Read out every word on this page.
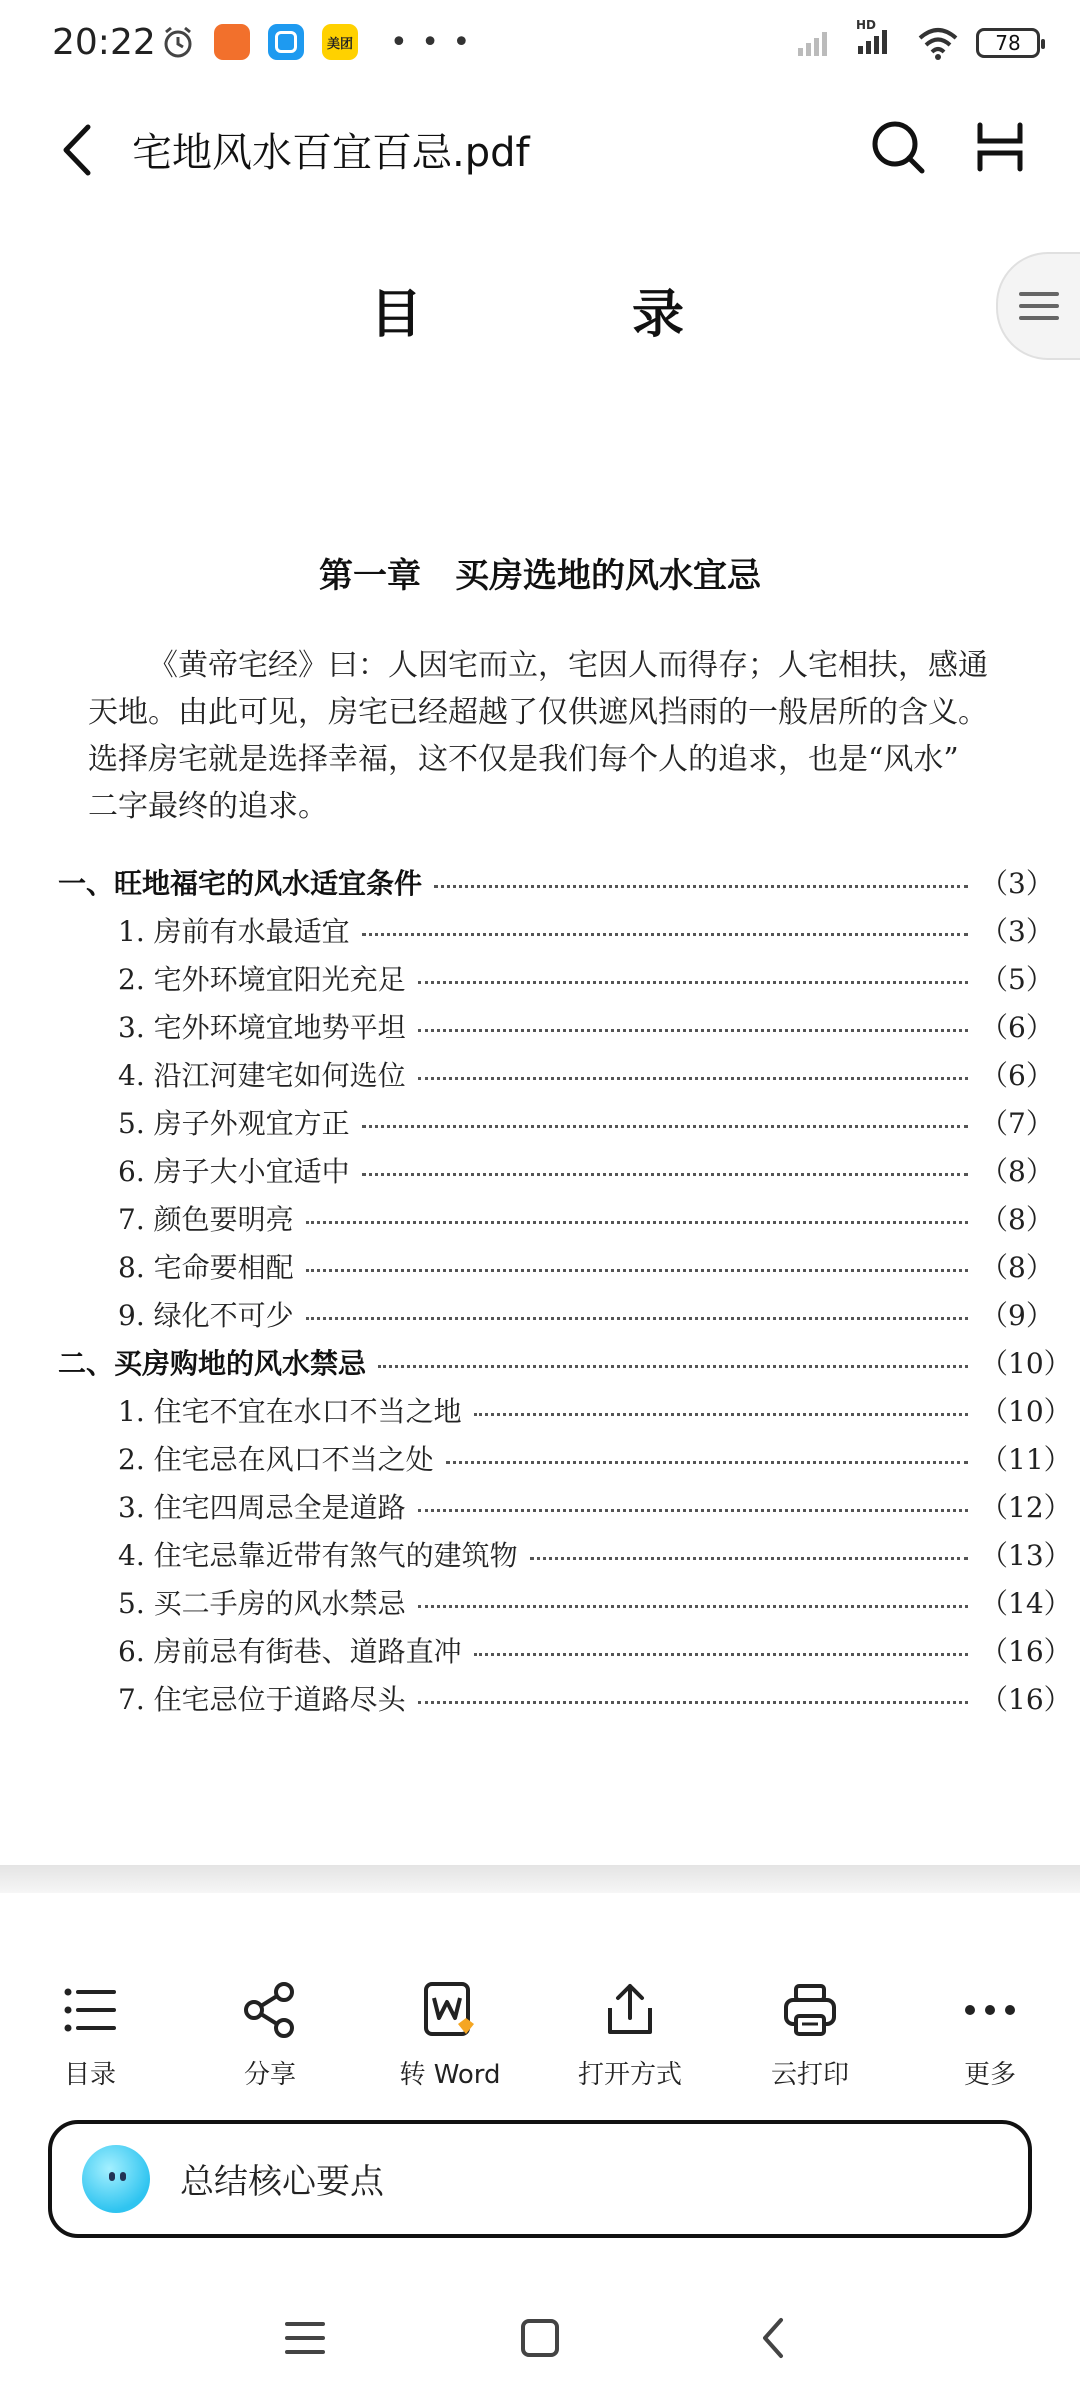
20:22	美团 • • •	HD
78
宅地风水百宜百忌.pdf
目 录
第一章　买房选地的风水宜忌

《黄帝宅经》曰：人因宅而立，宅因人而得存；人宅相扶，感通

天地。由此可见，房宅已经超越了仅供遮风挡雨的一般居所的含义。
选择房宅就是选择幸福，这不仅是我们每个人的追求，也是“风水”
二字最终的追求。
一、旺地福宅的风水适宜条件	（3）
1. 房前有水最适宜	（3）
2. 宅外环境宜阳光充足	（5）
3. 宅外环境宜地势平坦	（6）
4. 沿江河建宅如何选位	（6）
5. 房子外观宜方正	（7）
6. 房子大小宜适中	（8）
7. 颜色要明亮	（8）
8. 宅命要相配	（8）
9. 绿化不可少	（9）
二、买房购地的风水禁忌	（10）
1. 住宅不宜在水口不当之地	（10）
2. 住宅忌在风口不当之处	（11）
3. 住宅四周忌全是道路	（12）
4. 住宅忌靠近带有煞气的建筑物	（13）
5. 买二手房的风水禁忌	（14）
6. 房前忌有街巷、道路直冲	（16）
7. 住宅忌位于道路尽头	（16）
目录	分享	转 Word	打开方式	云打印	更多
总结核心要点
